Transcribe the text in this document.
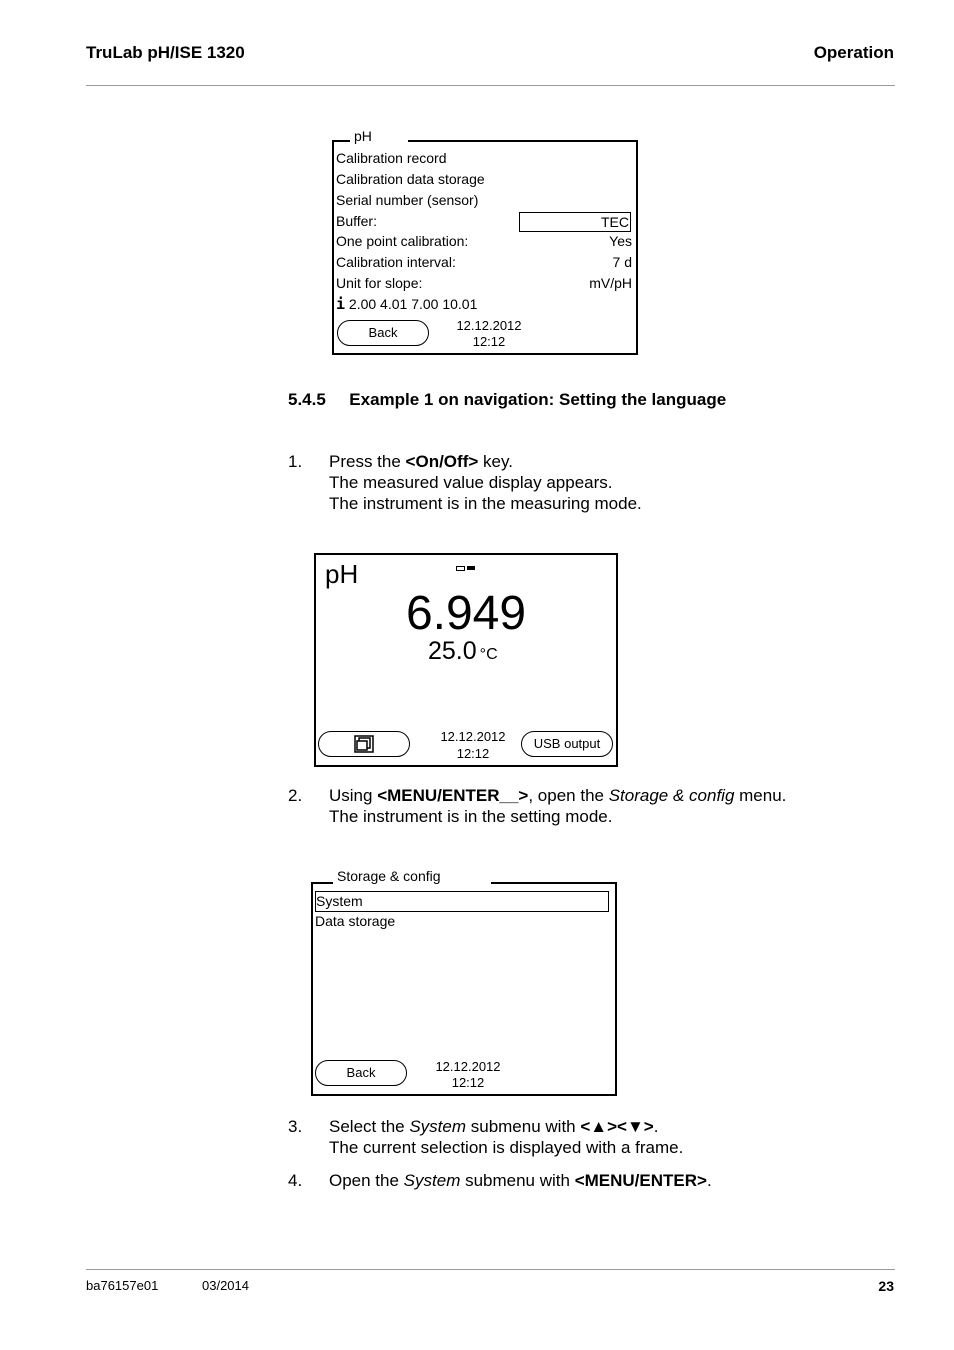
TruLab pH/ISE 1320	Operation
pH
Calibration record
Calibration data storage
Serial number (sensor)
Buffer:	TEC
One point calibration:	Yes
Calibration interval:	7 d
Unit for slope:	mV/pH
i 2.00 4.01 7.00 10.01
Back	12.12.2012
12:12
5.4.5 Example 1 on navigation: Setting the language
1. Press the <On/Off> key.
The measured value display appears.
The instrument is in the measuring mode.
pH
6.949
25.0 °C
12.12.2012
12:12
USB output
2. Using <MENU/ENTER__>, open the Storage & config menu.
The instrument is in the setting mode.
Storage & config
System
Data storage
Back	12.12.2012
12:12
3. Select the System submenu with <▲><▼>.
The current selection is displayed with a frame.
4. Open the System submenu with <MENU/ENTER>.
ba76157e01	03/2014	23
